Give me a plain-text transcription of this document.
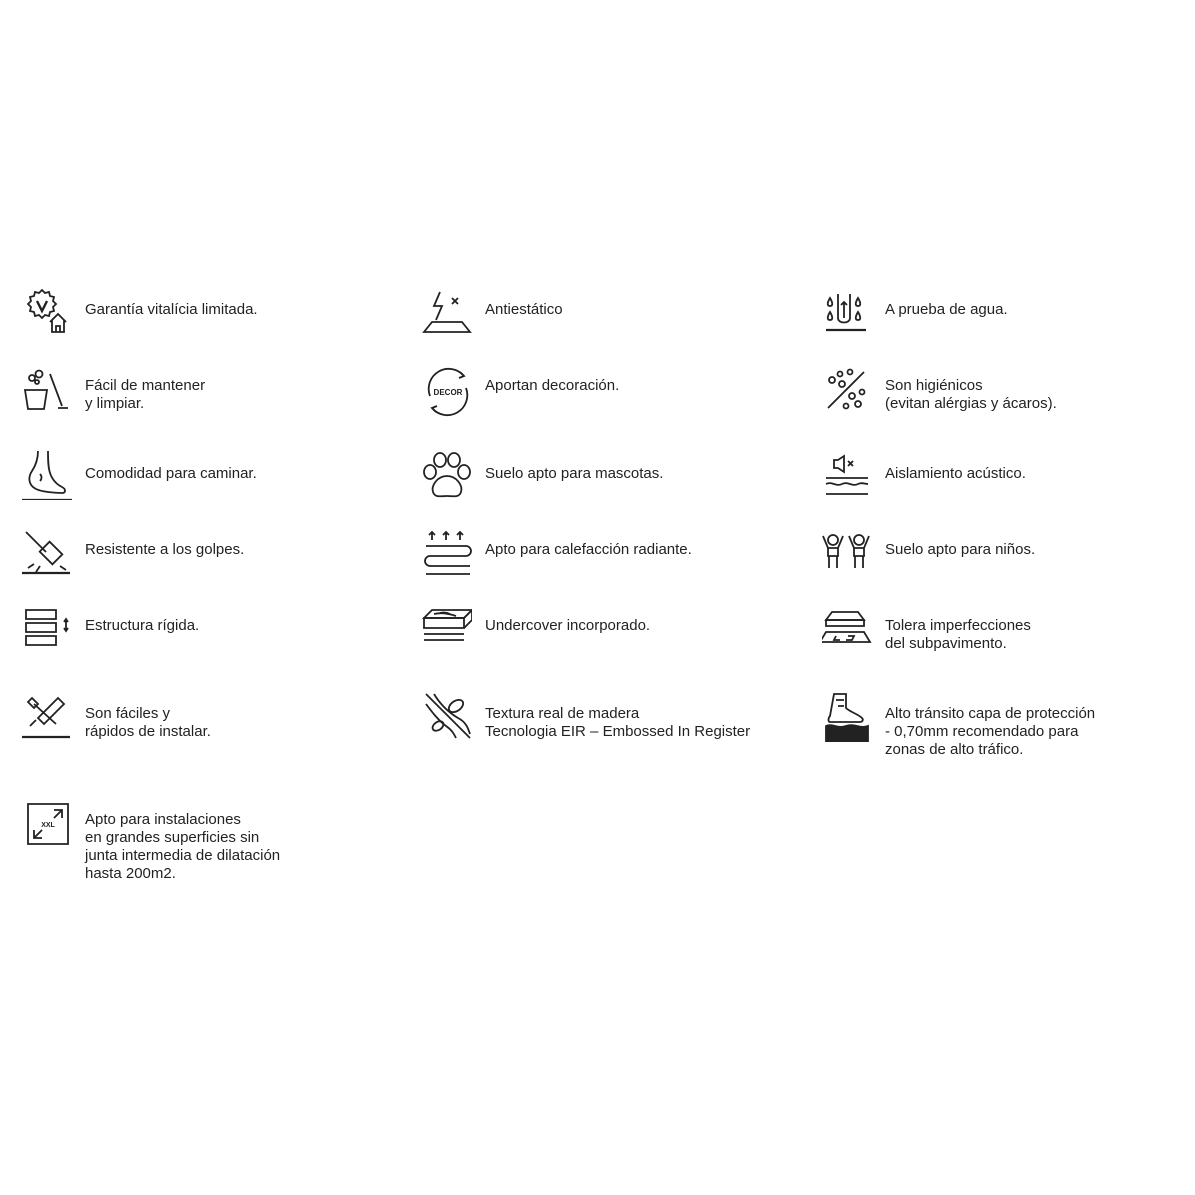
Garantía vitalícia limitada.
Fácil de mantener
y limpiar.
Comodidad para caminar.
Resistente a los golpes.
Estructura rígida.
Son fáciles y
rápidos de instalar.
XXL Apto para instalaciones
en grandes superficies sin
junta intermedia de dilatación
hasta 200m2.
Antiestático
DECOR Aportan decoración.
Suelo apto para mascotas.
Apto para calefacción radiante.
Undercover incorporado.
Textura real de madera
Tecnologia EIR – Embossed In Register
A prueba de agua.
Son higiénicos
(evitan alérgias y ácaros).
Aislamiento acústico.
Suelo apto para niños.
Tolera imperfecciones
del subpavimento.
Alto tránsito capa de protección
- 0,70mm recomendado para
zonas de alto tráfico.
